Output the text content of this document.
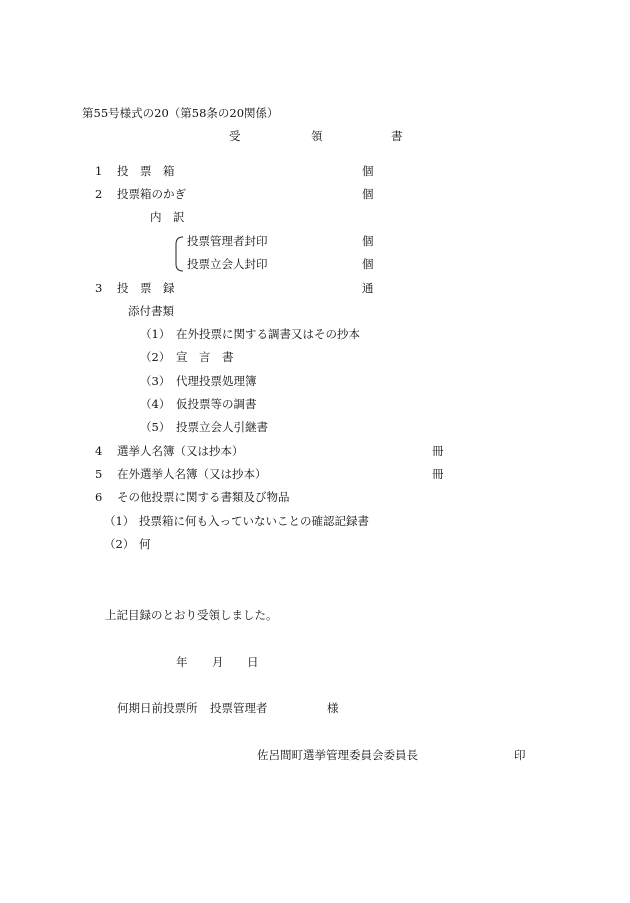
第55号様式の20（第58条の20関係）
受	領	書
1 投　票　箱	個
2 投票箱のかぎ	個
内　訳
投票管理者封印	個
投票立会人封印	個
3 投　票　録	通
添付書類
（1） 在外投票に関する調書又はその抄本
（2） 宣　言　書
（3） 代理投票処理簿
（4） 仮投票等の調書
（5） 投票立会人引継書
4 選挙人名簿（又は抄本）	冊
5 在外選挙人名簿（又は抄本）	冊
6 その他投票に関する書類及び物品
（1） 投票箱に何も入っていないことの確認記録書
（2） 何
上記目録のとおり受領しました。
年 月 日
何期日前投票所 投票管理者	様
佐呂間町選挙管理委員会委員長	印
